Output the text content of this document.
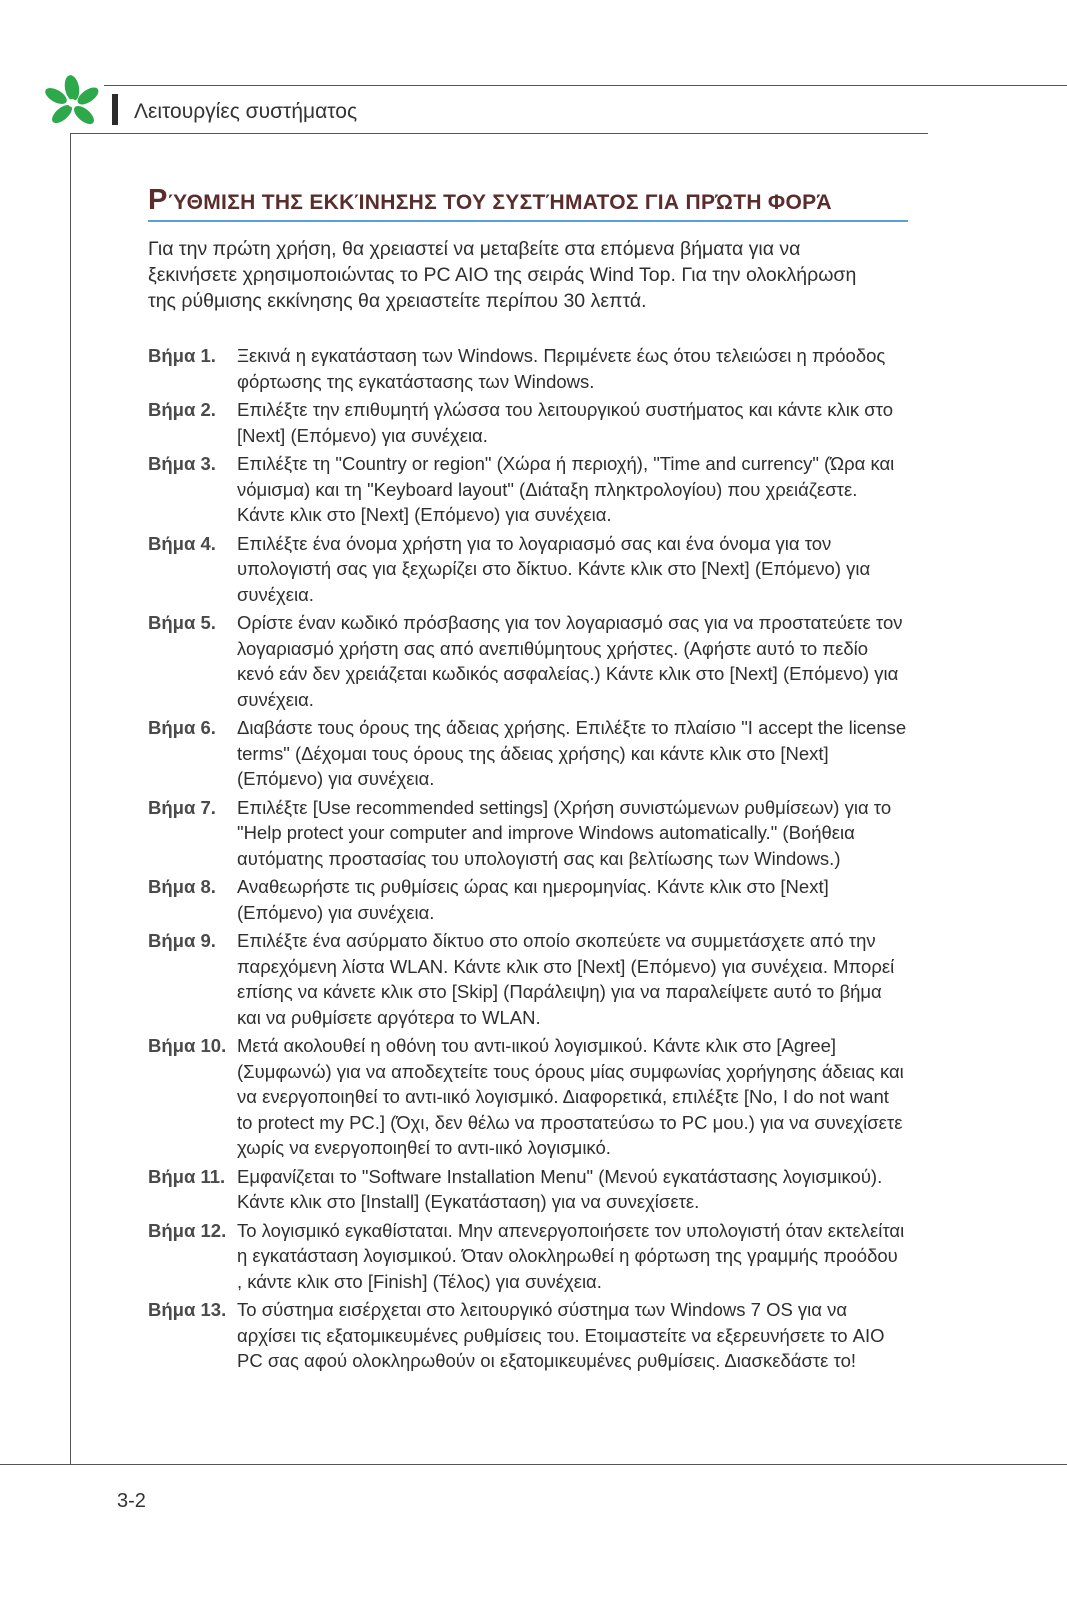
Λειτουργίες συστήματος
ΡΎΘΜΙΣΗ ΤΗΣ ΕΚΚΊΝΗΣΗΣ ΤΟΥ ΣΥΣΤΉΜΑΤΟΣ ΓΙΑ ΠΡΏΤΗ ΦΟΡΆ

Για την πρώτη χρήση, θα χρειαστεί να μεταβείτε στα επόμενα βήματα για να ξεκινήσετε χρησιμοποιώντας το PC AIO της σειράς Wind Top. Για την ολοκλήρωση της ρύθμισης εκκίνησης θα χρειαστείτε περίπου 30 λεπτά.

Βήμα 1.	Ξεκινά η εγκατάσταση των Windows. Περιμένετε έως ότου τελειώσει η πρόοδος φόρτωσης της εγκατάστασης των Windows.
Βήμα 2.	Επιλέξτε την επιθυμητή γλώσσα του λειτουργικού συστήματος και κάντε κλικ στο [Next] (Επόμενο) για συνέχεια.
Βήμα 3.	Επιλέξτε τη "Country or region" (Χώρα ή περιοχή), "Time and currency" (Ώρα και νόμισμα) και τη "Keyboard layout" (Διάταξη πληκτρολογίου) που χρειάζεστε. Κάντε κλικ στο [Next] (Επόμενο) για συνέχεια.
Βήμα 4.	Επιλέξτε ένα όνομα χρήστη για το λογαριασμό σας και ένα όνομα για τον υπολογιστή σας για ξεχωρίζει στο δίκτυο. Κάντε κλικ στο [Next] (Επόμενο) για συνέχεια.
Βήμα 5.	Ορίστε έναν κωδικό πρόσβασης για τον λογαριασμό σας για να προστατεύετε τον λογαριασμό χρήστη σας από ανεπιθύμητους χρήστες. (Αφήστε αυτό το πεδίο κενό εάν δεν χρειάζεται κωδικός ασφαλείας.) Κάντε κλικ στο [Next] (Επόμενο) για συνέχεια.
Βήμα 6.	Διαβάστε τους όρους της άδειας χρήσης. Επιλέξτε το πλαίσιο "I accept the license terms" (Δέχομαι τους όρους της άδειας χρήσης) και κάντε κλικ στο [Next] (Επόμενο) για συνέχεια.
Βήμα 7.	Επιλέξτε [Use recommended settings] (Χρήση συνιστώμενων ρυθμίσεων) για το "Help protect your computer and improve Windows automatically." (Βοήθεια αυτόματης προστασίας του υπολογιστή σας και βελτίωσης των Windows.)
Βήμα 8.	Αναθεωρήστε τις ρυθμίσεις ώρας και ημερομηνίας. Κάντε κλικ στο [Next] (Επόμενο) για συνέχεια.
Βήμα 9.	Επιλέξτε ένα ασύρματο δίκτυο στο οποίο σκοπεύετε να συμμετάσχετε από την παρεχόμενη λίστα WLAN. Κάντε κλικ στο [Next] (Επόμενο) για συνέχεια. Μπορεί επίσης να κάνετε κλικ στο [Skip] (Παράλειψη) για να παραλείψετε αυτό το βήμα και να ρυθμίσετε αργότερα το WLAN.
Βήμα 10. Μετά ακολουθεί η οθόνη του αντι-ιικού λογισμικού. Κάντε κλικ στο [Agree] (Συμφωνώ) για να αποδεχτείτε τους όρους μίας συμφωνίας χορήγησης άδειας και να ενεργοποιηθεί το αντι-ιικό λογισμικό. Διαφορετικά, επιλέξτε [No, I do not want to protect my PC.] (Όχι, δεν θέλω να προστατεύσω το PC μου.) για να συνεχίσετε χωρίς να ενεργοποιηθεί το αντι-ιικό λογισμικό.
Βήμα 11. Εμφανίζεται το "Software Installation Menu" (Μενού εγκατάστασης λογισμικού). Κάντε κλικ στο [Install] (Εγκατάσταση) για να συνεχίσετε.
Βήμα 12. Το λογισμικό εγκαθίσταται. Μην απενεργοποιήσετε τον υπολογιστή όταν εκτελείται η εγκατάσταση λογισμικού. Όταν ολοκληρωθεί η φόρτωση της γραμμής προόδου , κάντε κλικ στο [Finish] (Τέλος) για συνέχεια.
Βήμα 13. Το σύστημα εισέρχεται στο λειτουργικό σύστημα των Windows 7 OS για να αρχίσει τις εξατομικευμένες ρυθμίσεις του. Ετοιμαστείτε να εξερευνήσετε το AIO PC σας αφού ολοκληρωθούν οι εξατομικευμένες ρυθμίσεις. Διασκεδάστε το!
3-2
